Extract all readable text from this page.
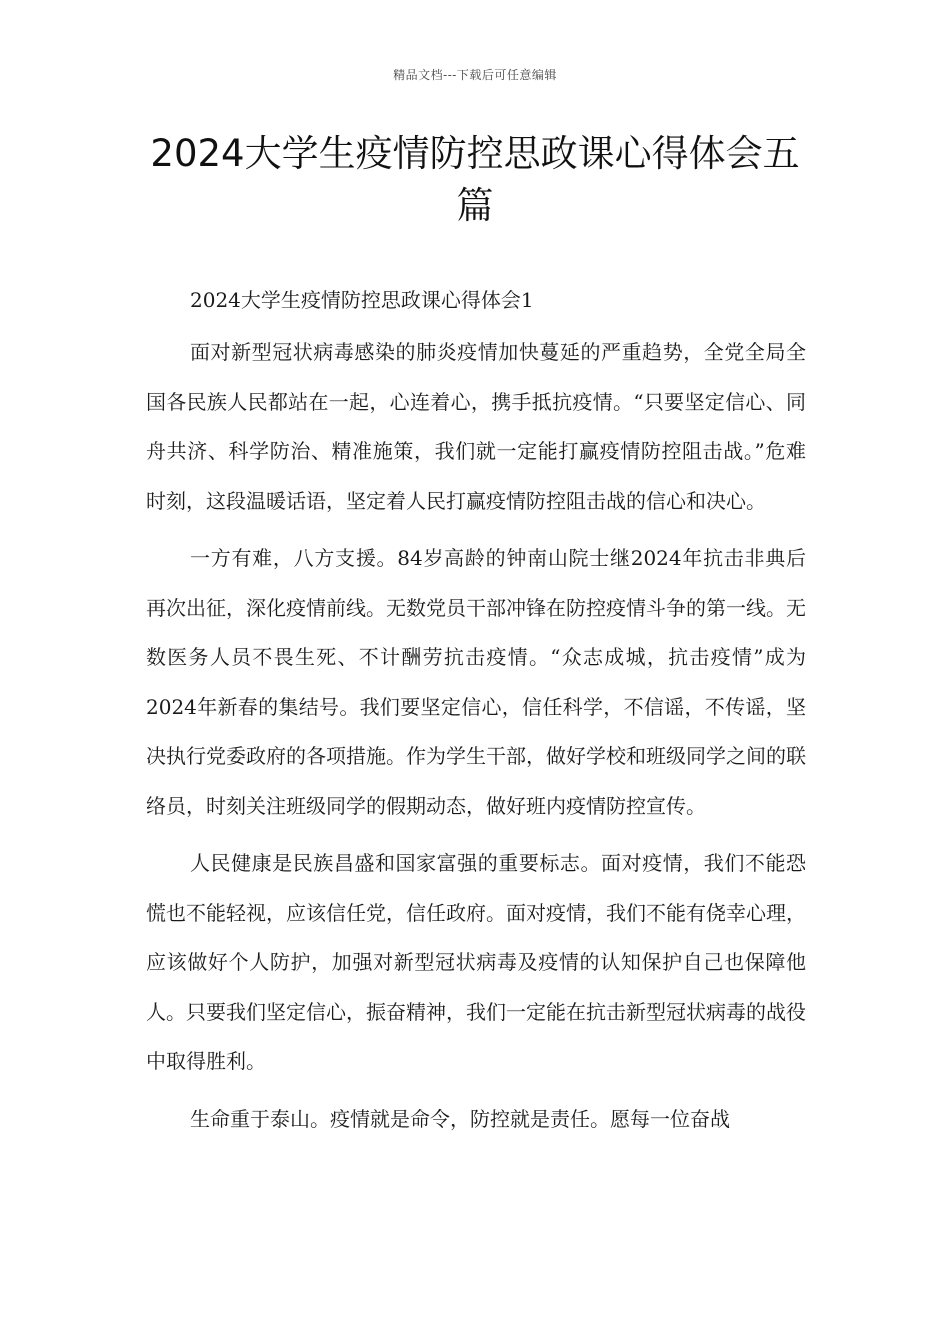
精品文档---下载后可任意编辑
2024大学生疫情防控思政课心得体会五篇

2024大学生疫情防控思政课心得体会1

面对新型冠状病毒感染的肺炎疫情加快蔓延的严重趋势，全党全局全国各民族人民都站在一起，心连着心，携手抵抗疫情。“只要坚定信心、同舟共济、科学防治、精准施策，我们就一定能打赢疫情防控阻击战。”危难时刻，这段温暖话语，坚定着人民打赢疫情防控阻击战的信心和决心。

一方有难，八方支援。84岁高龄的钟南山院士继2024年抗击非典后再次出征，深化疫情前线。无数党员干部冲锋在防控疫情斗争的第一线。无数医务人员不畏生死、不计酬劳抗击疫情。“众志成城，抗击疫情”成为2024年新春的集结号。我们要坚定信心，信任科学，不信谣，不传谣，坚决执行党委政府的各项措施。作为学生干部，做好学校和班级同学之间的联络员，时刻关注班级同学的假期动态，做好班内疫情防控宣传。

人民健康是民族昌盛和国家富强的重要标志。面对疫情，我们不能恐慌也不能轻视，应该信任党，信任政府。面对疫情，我们不能有侥幸心理，应该做好个人防护，加强对新型冠状病毒及疫情的认知保护自己也保障他人。只要我们坚定信心，振奋精神，我们一定能在抗击新型冠状病毒的战役中取得胜利。

生命重于泰山。疫情就是命令，防控就是责任。愿每一位奋战
